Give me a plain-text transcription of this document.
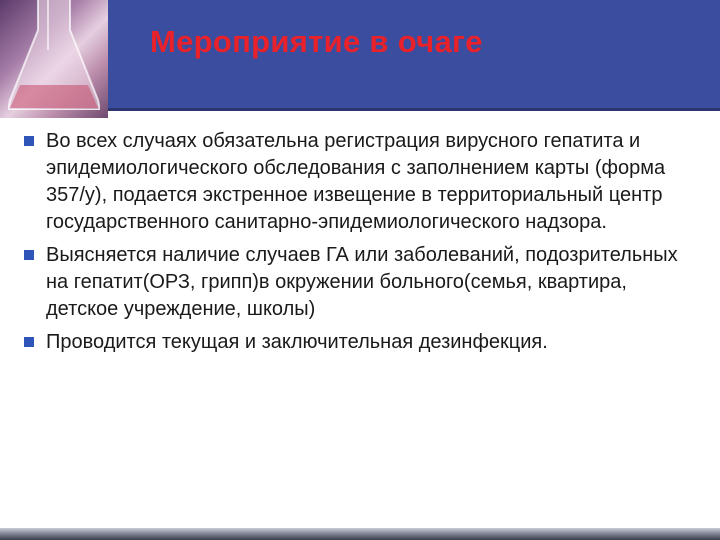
Мероприятие в очаге
Во всех случаях обязательна регистрация вирусного гепатита и эпидемиологического обследования с заполнением карты (форма 357/у), подается экстренное извещение в территориальный центр государственного санитарно-эпидемиологического надзора.
Выясняется наличие случаев ГА или заболеваний, подозрительных на гепатит(ОРЗ, грипп)в окружении больного(семья, квартира, детское учреждение, школы)
Проводится текущая и заключительная дезинфекция.
